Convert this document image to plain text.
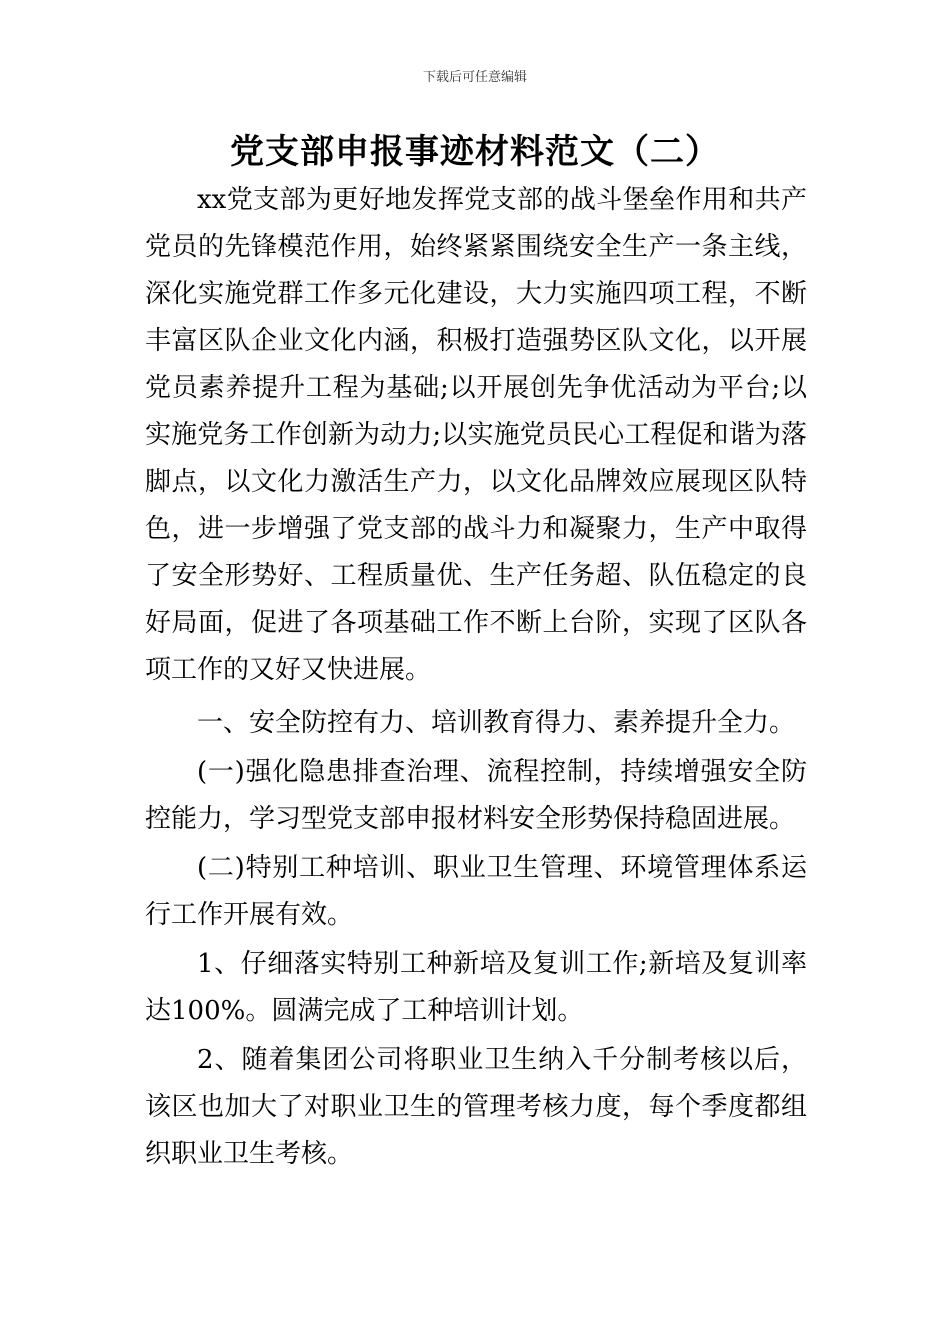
下载后可任意编辑
党支部申报事迹材料范文（二）

xx党支部为更好地发挥党支部的战斗堡垒作用和共产党员的先锋模范作用，始终紧紧围绕安全生产一条主线，深化实施党群工作多元化建设，大力实施四项工程，不断丰富区队企业文化内涵，积极打造强势区队文化，以开展党员素养提升工程为基础;以开展创先争优活动为平台;以实施党务工作创新为动力;以实施党员民心工程促和谐为落脚点，以文化力激活生产力，以文化品牌效应展现区队特色，进一步增强了党支部的战斗力和凝聚力，生产中取得了安全形势好、工程质量优、生产任务超、队伍稳定的良好局面，促进了各项基础工作不断上台阶，实现了区队各项工作的又好又快进展。

一、安全防控有力、培训教育得力、素养提升全力。

(一)强化隐患排查治理、流程控制，持续增强安全防控能力，学习型党支部申报材料安全形势保持稳固进展。

(二)特别工种培训、职业卫生管理、环境管理体系运行工作开展有效。

1、仔细落实特别工种新培及复训工作;新培及复训率达100%。圆满完成了工种培训计划。

2、随着集团公司将职业卫生纳入千分制考核以后，该区也加大了对职业卫生的管理考核力度，每个季度都组织职业卫生考核。
